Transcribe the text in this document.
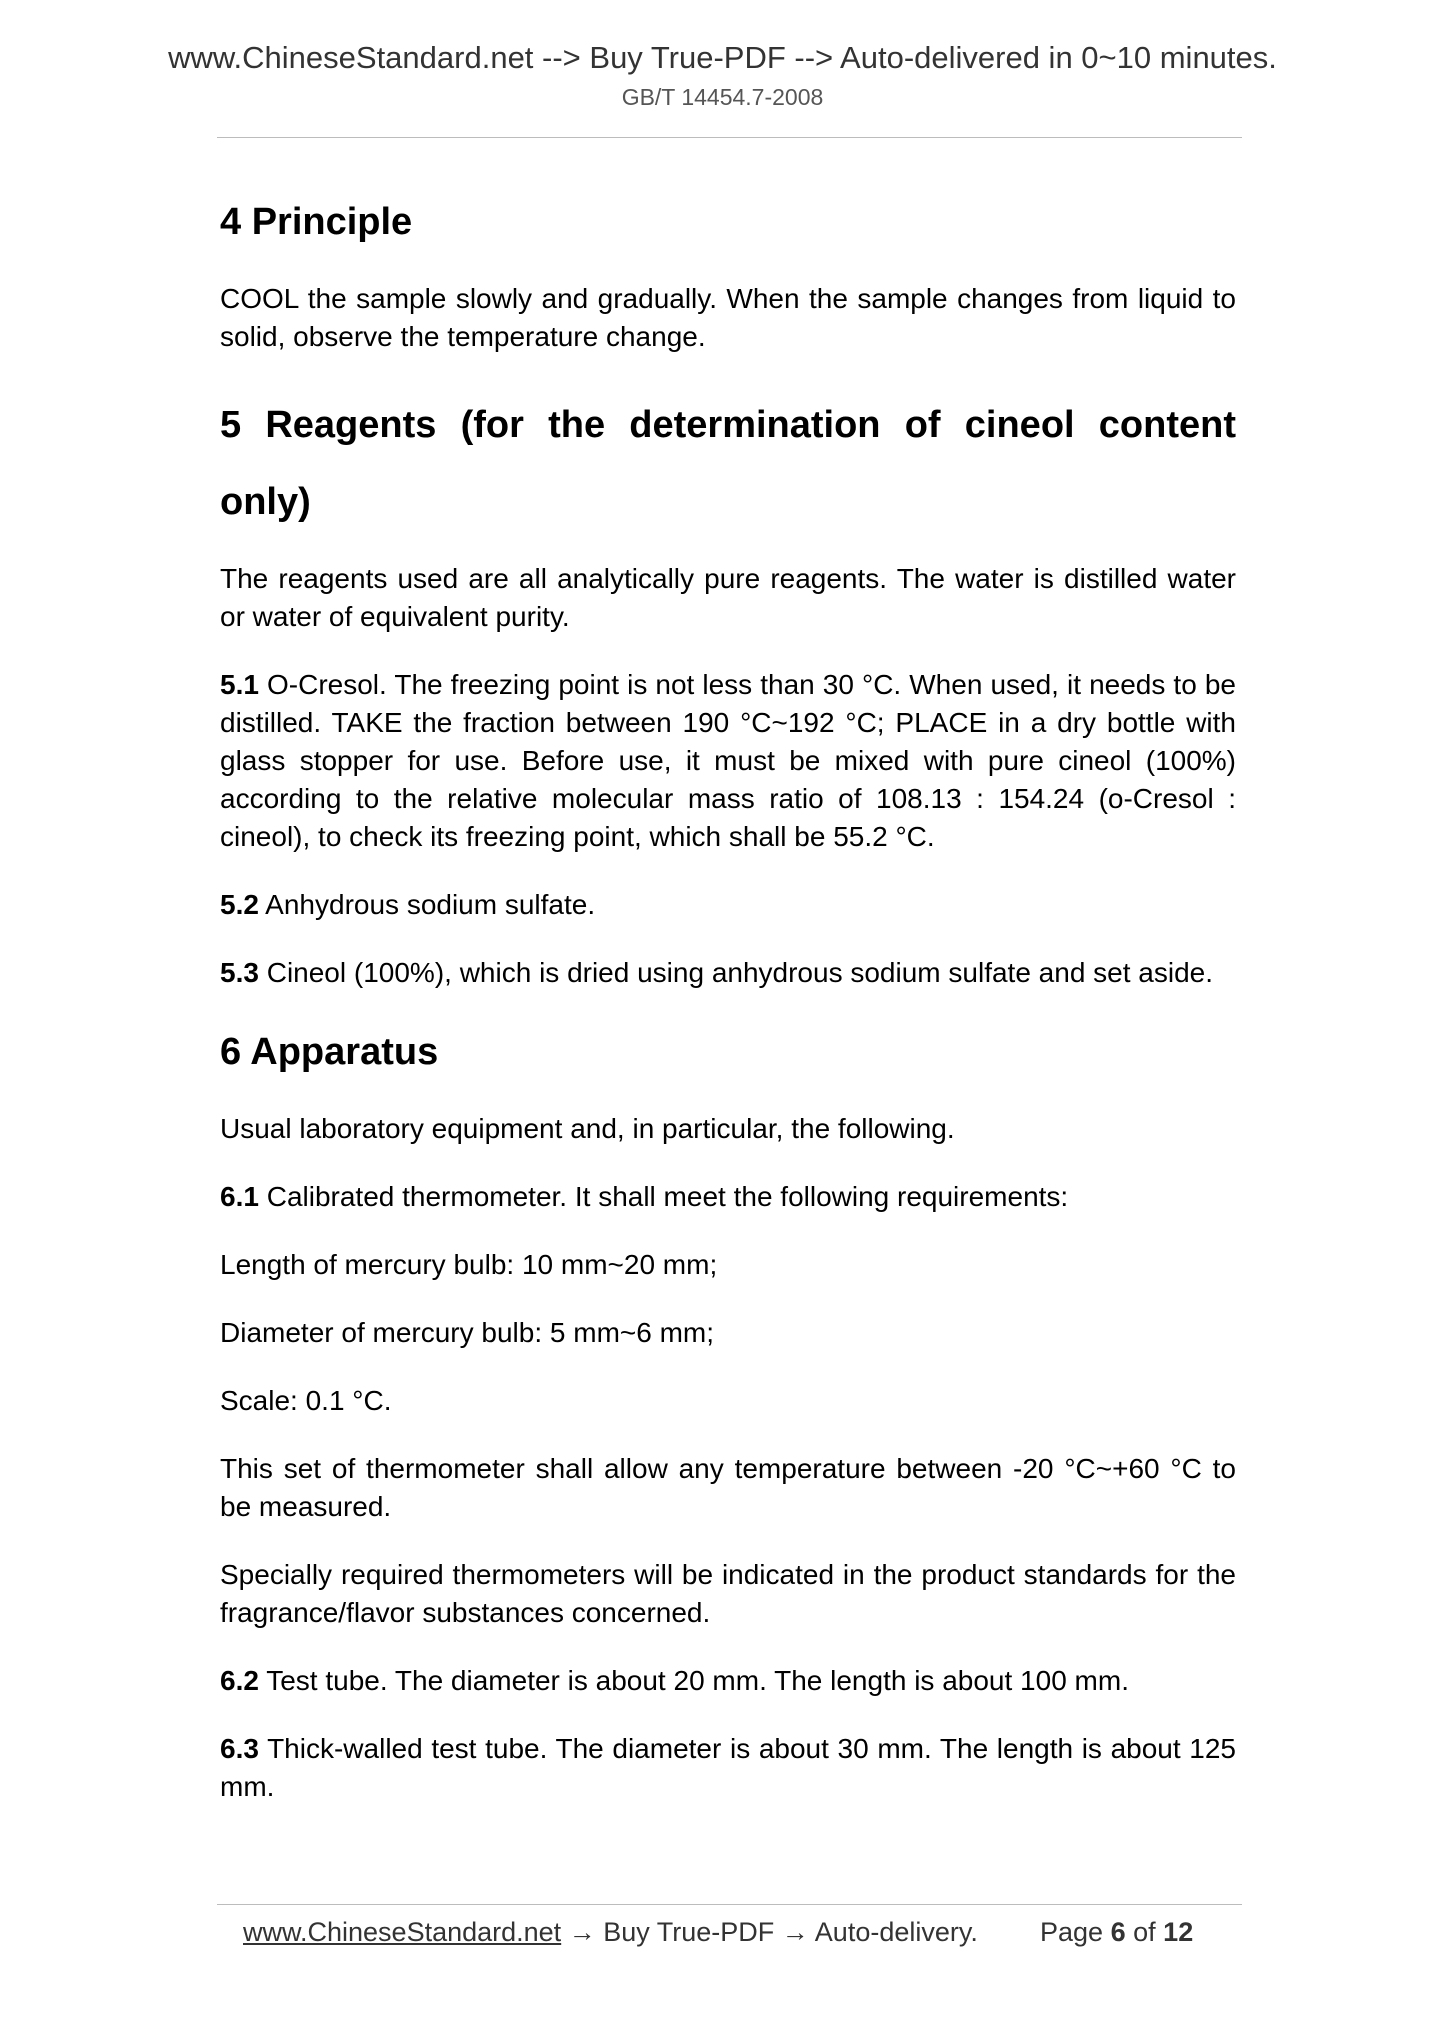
www.ChineseStandard.net --> Buy True-PDF --> Auto-delivered in 0~10 minutes.
GB/T 14454.7-2008
4 Principle

COOL the sample slowly and gradually. When the sample changes from liquid to solid, observe the temperature change.

5 Reagents (for the determination of cineol content
only)

The reagents used are all analytically pure reagents. The water is distilled water or water of equivalent purity.

5.1 O-Cresol. The freezing point is not less than 30 °C. When used, it needs to be distilled. TAKE the fraction between 190 °C~192 °C; PLACE in a dry bottle with glass stopper for use. Before use, it must be mixed with pure cineol (100%) according to the relative molecular mass ratio of 108.13 : 154.24 (o-Cresol : cineol), to check its freezing point, which shall be 55.2 °C.

5.2 Anhydrous sodium sulfate.

5.3 Cineol (100%), which is dried using anhydrous sodium sulfate and set aside.

6 Apparatus

Usual laboratory equipment and, in particular, the following.

6.1 Calibrated thermometer. It shall meet the following requirements:

Length of mercury bulb: 10 mm~20 mm;

Diameter of mercury bulb: 5 mm~6 mm;

Scale: 0.1 °C.

This set of thermometer shall allow any temperature between -20 °C~+60 °C to be measured.

Specially required thermometers will be indicated in the product standards for the fragrance/flavor substances concerned.

6.2 Test tube. The diameter is about 20 mm. The length is about 100 mm.

6.3 Thick-walled test tube. The diameter is about 30 mm. The length is about 125 mm.

www.ChineseStandard.net → Buy True-PDF → Auto-delivery. Page 6 of 12
